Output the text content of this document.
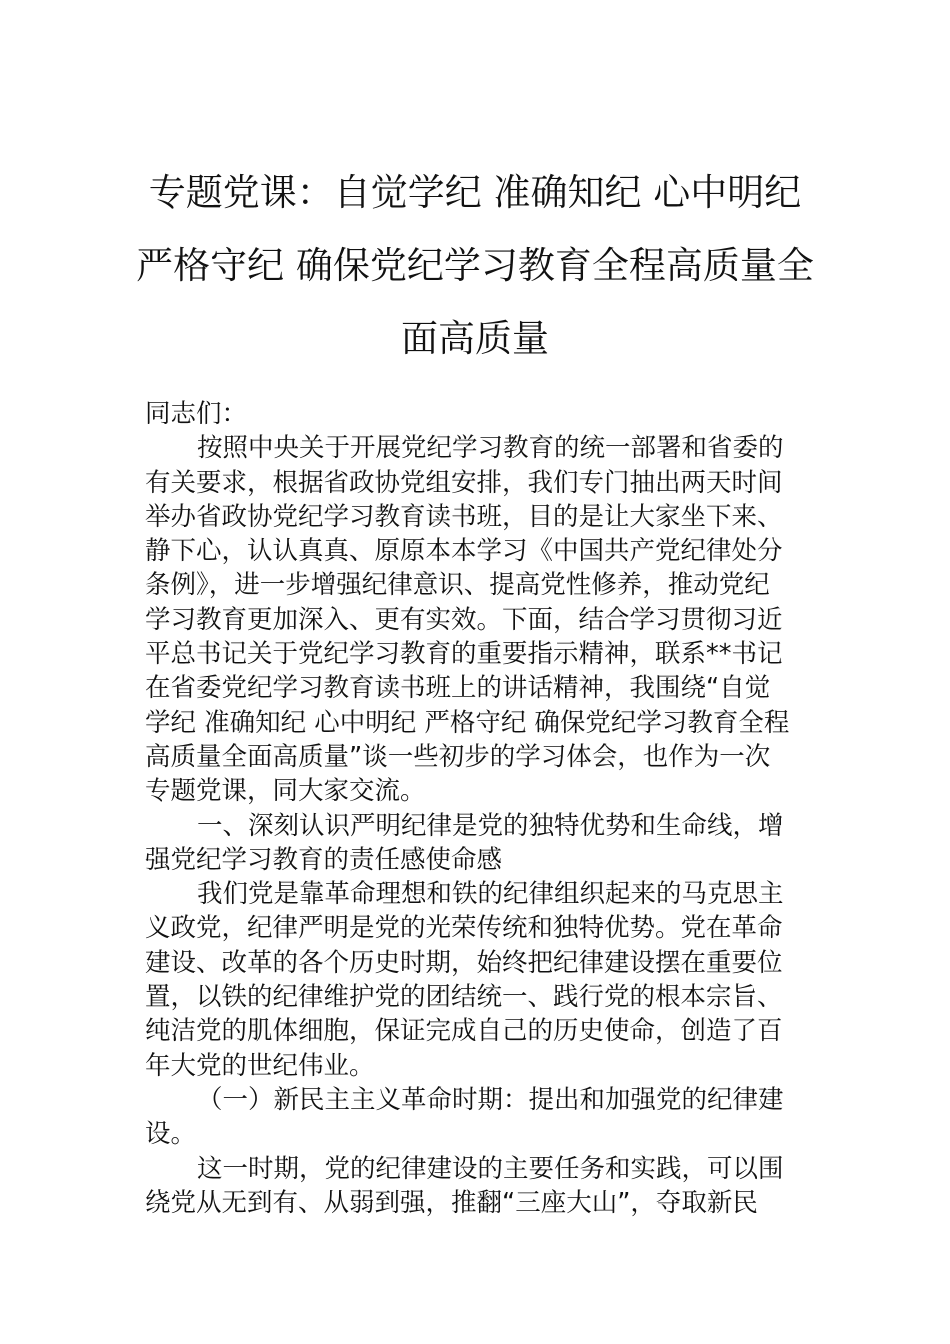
专题党课：自觉学纪 准确知纪 心中明纪
严格守纪 确保党纪学习教育全程高质量全
面高质量
同志们：
按照中央关于开展党纪学习教育的统一部署和省委的
有关要求，根据省政协党组安排，我们专门抽出两天时间
举办省政协党纪学习教育读书班，目的是让大家坐下来、
静下心，认认真真、原原本本学习《中国共产党纪律处分
条例》，进一步增强纪律意识、提高党性修养，推动党纪
学习教育更加深入、更有实效。下面，结合学习贯彻习近
平总书记关于党纪学习教育的重要指示精神，联系**书记
在省委党纪学习教育读书班上的讲话精神，我围绕“自觉
学纪 准确知纪 心中明纪 严格守纪 确保党纪学习教育全程
高质量全面高质量”谈一些初步的学习体会，也作为一次
专题党课，同大家交流。
一、深刻认识严明纪律是党的独特优势和生命线，增
强党纪学习教育的责任感使命感
我们党是靠革命理想和铁的纪律组织起来的马克思主
义政党，纪律严明是党的光荣传统和独特优势。党在革命
建设、改革的各个历史时期，始终把纪律建设摆在重要位
置，以铁的纪律维护党的团结统一、践行党的根本宗旨、
纯洁党的肌体细胞，保证完成自己的历史使命，创造了百
年大党的世纪伟业。
（一）新民主主义革命时期：提出和加强党的纪律建
设。
这一时期，党的纪律建设的主要任务和实践，可以围
绕党从无到有、从弱到强，推翻“三座大山”，夺取新民
